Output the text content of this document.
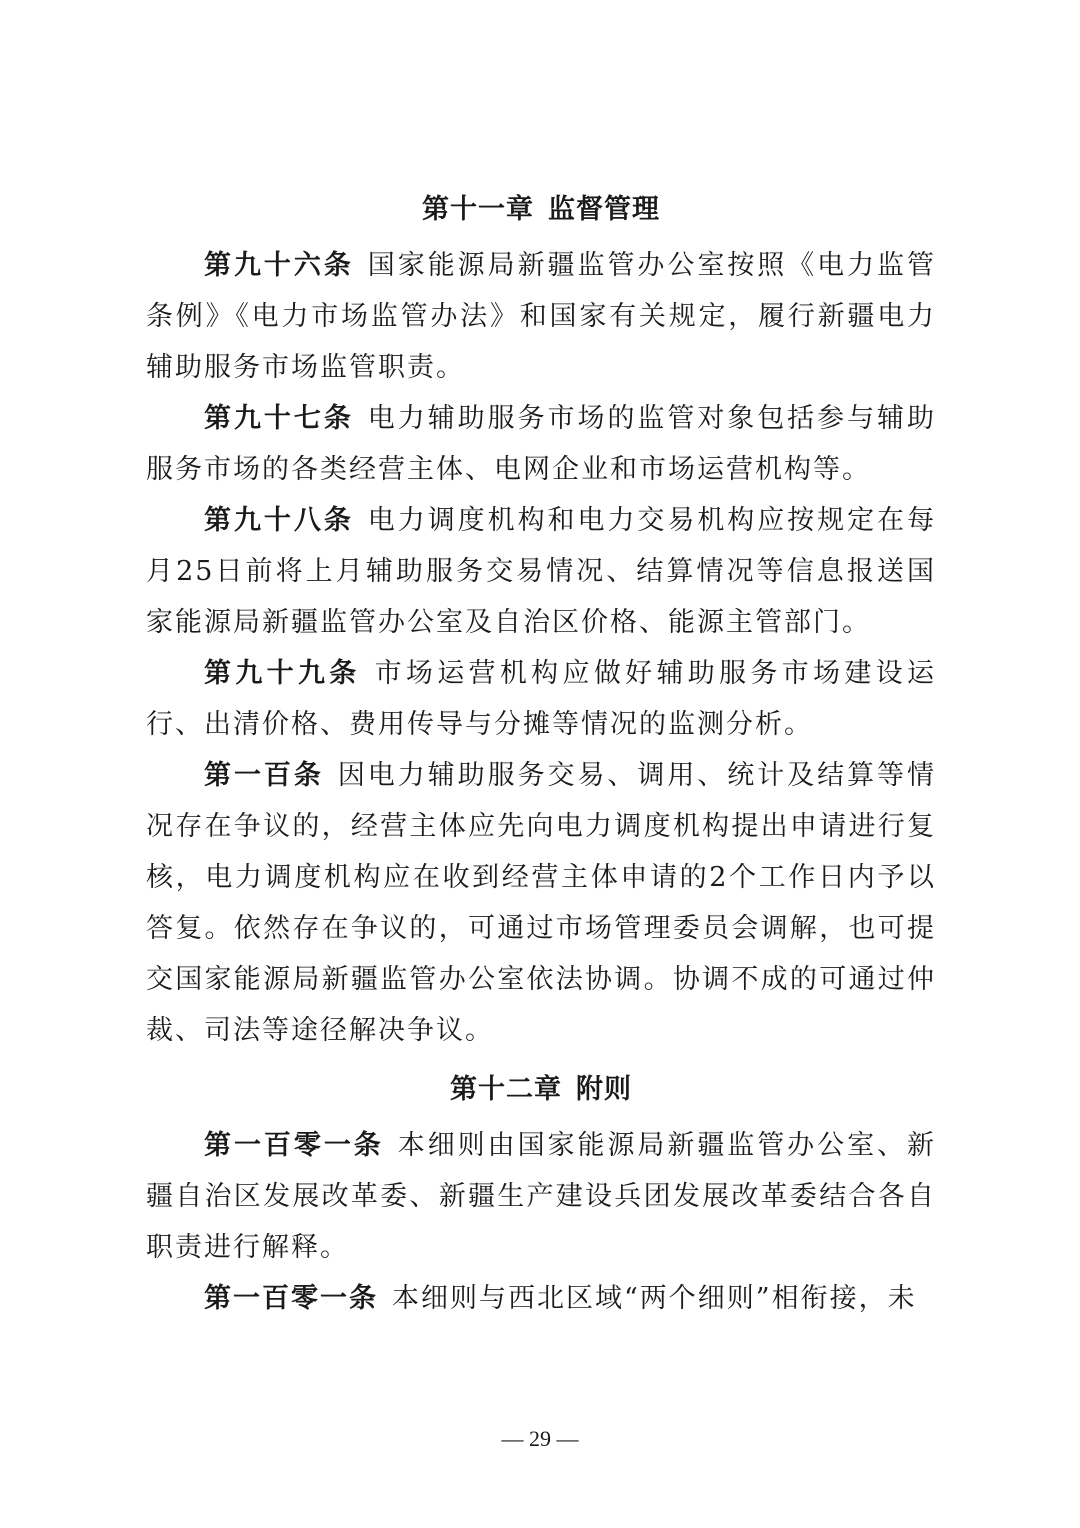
第十一章 监督管理

第九十六条 国家能源局新疆监管办公室按照《电力监管条例》《电力市场监管办法》和国家有关规定，履行新疆电力辅助服务市场监管职责。

第九十七条 电力辅助服务市场的监管对象包括参与辅助服务市场的各类经营主体、电网企业和市场运营机构等。

第九十八条 电力调度机构和电力交易机构应按规定在每月25日前将上月辅助服务交易情况、结算情况等信息报送国家能源局新疆监管办公室及自治区价格、能源主管部门。

第九十九条 市场运营机构应做好辅助服务市场建设运行、出清价格、费用传导与分摊等情况的监测分析。

第一百条 因电力辅助服务交易、调用、统计及结算等情况存在争议的，经营主体应先向电力调度机构提出申请进行复核，电力调度机构应在收到经营主体申请的2个工作日内予以答复。依然存在争议的，可通过市场管理委员会调解，也可提交国家能源局新疆监管办公室依法协调。协调不成的可通过仲裁、司法等途径解决争议。

第十二章 附则

第一百零一条 本细则由国家能源局新疆监管办公室、新疆自治区发展改革委、新疆生产建设兵团发展改革委结合各自职责进行解释。

第一百零一条 本细则与西北区域“两个细则”相衔接，未

— 29 —
